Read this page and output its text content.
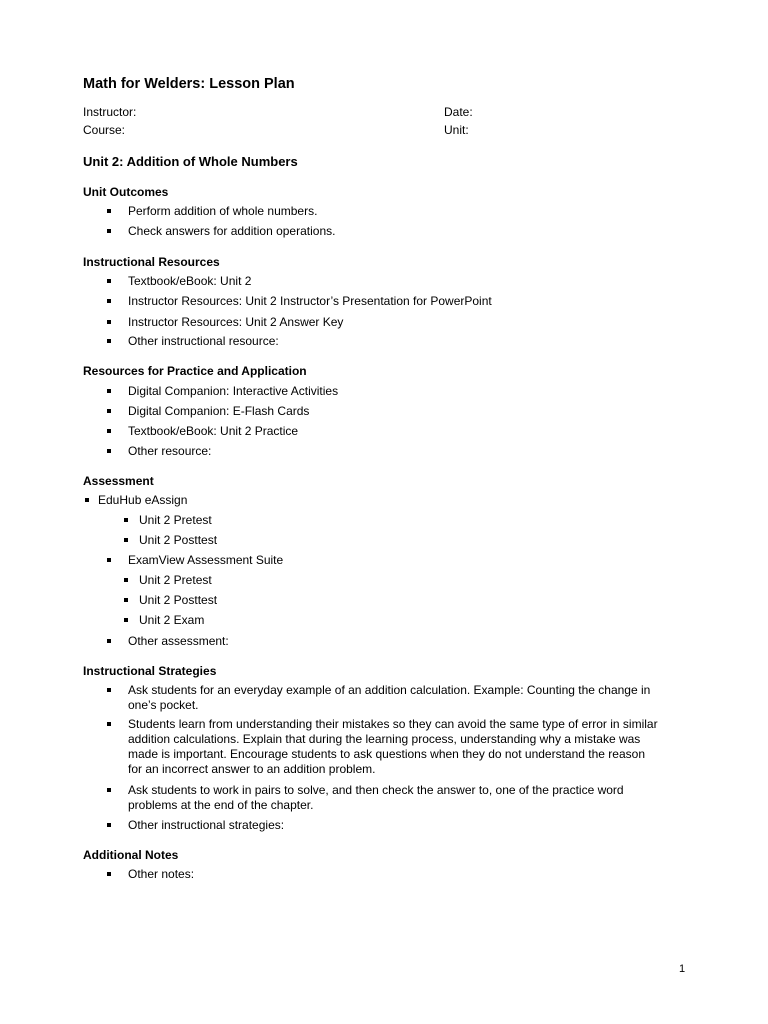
Math for Welders: Lesson Plan
Instructor:	Date:
Course:	Unit:
Unit 2: Addition of Whole Numbers
Unit Outcomes
Perform addition of whole numbers.
Check answers for addition operations.
Instructional Resources
Textbook/eBook: Unit 2
Instructor Resources: Unit 2 Instructor’s Presentation for PowerPoint
Instructor Resources: Unit 2 Answer Key
Other instructional resource:
Resources for Practice and Application
Digital Companion: Interactive Activities
Digital Companion: E-Flash Cards
Textbook/eBook: Unit 2 Practice
Other resource:
Assessment
EduHub eAssign
Unit 2 Pretest
Unit 2 Posttest
ExamView Assessment Suite
Unit 2 Pretest
Unit 2 Posttest
Unit 2 Exam
Other assessment:
Instructional Strategies
Ask students for an everyday example of an addition calculation. Example: Counting the change in
one’s pocket.
Students learn from understanding their mistakes so they can avoid the same type of error in similar
addition calculations. Explain that during the learning process, understanding why a mistake was
made is important. Encourage students to ask questions when they do not understand the reason
for an incorrect answer to an addition problem.
Ask students to work in pairs to solve, and then check the answer to, one of the practice word
problems at the end of the chapter.
Other instructional strategies:
Additional Notes
Other notes:
1
